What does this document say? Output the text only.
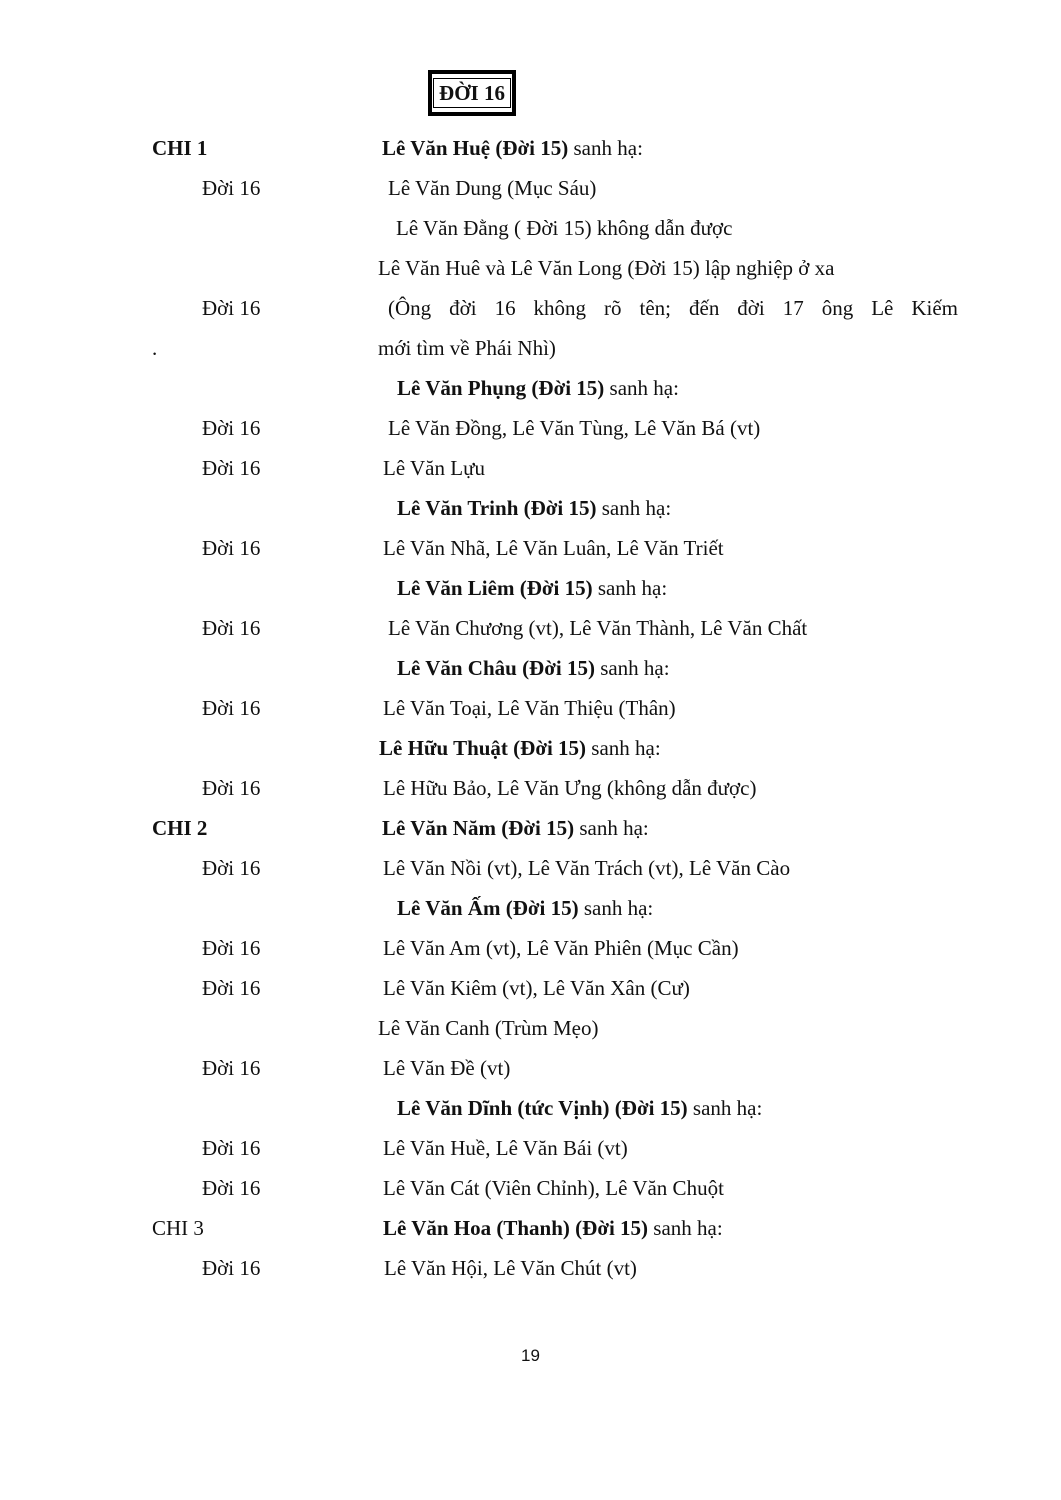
ĐỜI 16
CHI 1	Lê Văn Huệ (Đời 15) sanh hạ:
Đời 16	Lê Văn Dung (Mục Sáu)
Lê Văn Đằng ( Đời 15) không dẫn được
Lê Văn Huê và Lê Văn Long (Đời 15) lập nghiệp ở xa
Đời 16	(Ông đời 16 không rõ tên; đến đời 17 ông Lê Kiếm
.	mới tìm về Phái Nhì)
Lê Văn Phụng (Đời 15) sanh hạ:
Đời 16	Lê Văn Đồng, Lê Văn Tùng, Lê Văn Bá (vt)
Đời 16	Lê Văn Lựu
Lê Văn Trinh (Đời 15) sanh hạ:
Đời 16	Lê Văn Nhã, Lê Văn Luân, Lê Văn Triết
Lê Văn Liêm (Đời 15) sanh hạ:
Đời 16	Lê Văn Chương (vt), Lê Văn Thành, Lê Văn Chất
Lê Văn Châu (Đời 15) sanh hạ:
Đời 16	Lê Văn Toại, Lê Văn Thiệu (Thân)
Lê Hữu Thuật (Đời 15) sanh hạ:
Đời 16	Lê Hữu Bảo, Lê Văn Ưng (không dẫn được)
CHI 2	Lê Văn Năm (Đời 15) sanh hạ:
Đời 16	Lê Văn Nồi (vt), Lê Văn Trách (vt), Lê Văn Cào
Lê Văn Ấm (Đời 15) sanh hạ:
Đời 16	Lê Văn Am (vt), Lê Văn Phiên (Mục Cần)
Đời 16	Lê Văn Kiêm (vt), Lê Văn Xân (Cư)
Lê Văn Canh (Trùm Mẹo)
Đời 16	Lê Văn Đề (vt)
Lê Văn Dĩnh (tức Vịnh) (Đời 15) sanh hạ:
Đời 16	Lê Văn Huề, Lê Văn Bái (vt)
Đời 16	Lê Văn Cát (Viên Chỉnh), Lê Văn Chuột
CHI 3	Lê Văn Hoa (Thanh) (Đời 15) sanh hạ:
Đời 16	Lê Văn Hội, Lê Văn Chút (vt)
19
